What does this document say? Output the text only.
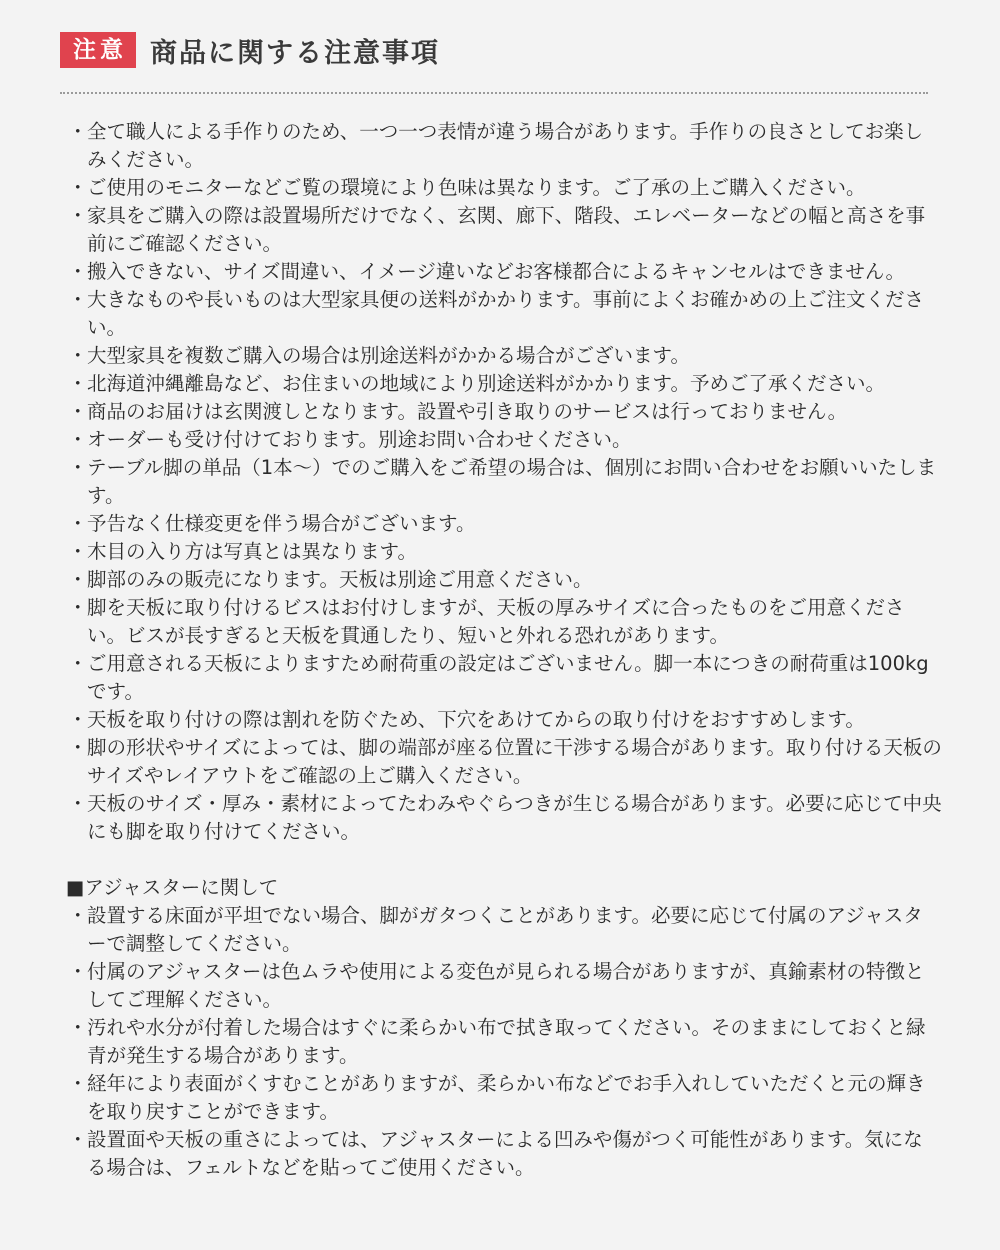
注意 商品に関する注意事項
・ 全て職人による手作りのため、一つ一つ表情が違う場合があります。手作りの良さとしてお楽しみください。
・ ご使用のモニターなどご覧の環境により色味は異なります。ご了承の上ご購入ください。
・ 家具をご購入の際は設置場所だけでなく、玄関、廊下、階段、エレベーターなどの幅と高さを事前にご確認ください。
・ 搬入できない、サイズ間違い、イメージ違いなどお客様都合によるキャンセルはできません。
・ 大きなものや長いものは大型家具便の送料がかかります。事前によくお確かめの上ご注文ください。
・ 大型家具を複数ご購入の場合は別途送料がかかる場合がございます。
・ 北海道沖縄離島など、お住まいの地域により別途送料がかかります。予めご了承ください。
・ 商品のお届けは玄関渡しとなります。設置や引き取りのサービスは行っておりません。
・ オーダーも受け付けております。別途お問い合わせください。
・ テーブル脚の単品（1本〜）でのご購入をご希望の場合は、個別にお問い合わせをお願いいたします。
・ 予告なく仕様変更を伴う場合がございます。
・ 木目の入り方は写真とは異なります。
・ 脚部のみの販売になります。天板は別途ご用意ください。
・ 脚を天板に取り付けるビスはお付けしますが、天板の厚みサイズに合ったものをご用意ください。ビスが長すぎると天板を貫通したり、短いと外れる恐れがあります。
・ ご用意される天板によりますため耐荷重の設定はございません。脚一本につきの耐荷重は100kgです。
・ 天板を取り付けの際は割れを防ぐため、下穴をあけてからの取り付けをおすすめします。
・ 脚の形状やサイズによっては、脚の端部が座る位置に干渉する場合があります。取り付ける天板のサイズやレイアウトをご確認の上ご購入ください。
・ 天板のサイズ・厚み・素材によってたわみやぐらつきが生じる場合があります。必要に応じて中央にも脚を取り付けてください。
■アジャスターに関して
・ 設置する床面が平坦でない場合、脚がガタつくことがあります。必要に応じて付属のアジャスターで調整してください。
・ 付属のアジャスターは色ムラや使用による変色が見られる場合がありますが、真鍮素材の特徴としてご理解ください。
・ 汚れや水分が付着した場合はすぐに柔らかい布で拭き取ってください。そのままにしておくと緑青が発生する場合があります。
・ 経年により表面がくすむことがありますが、柔らかい布などでお手入れしていただくと元の輝きを取り戻すことができます。
・ 設置面や天板の重さによっては、アジャスターによる凹みや傷がつく可能性があります。気になる場合は、フェルトなどを貼ってご使用ください。
